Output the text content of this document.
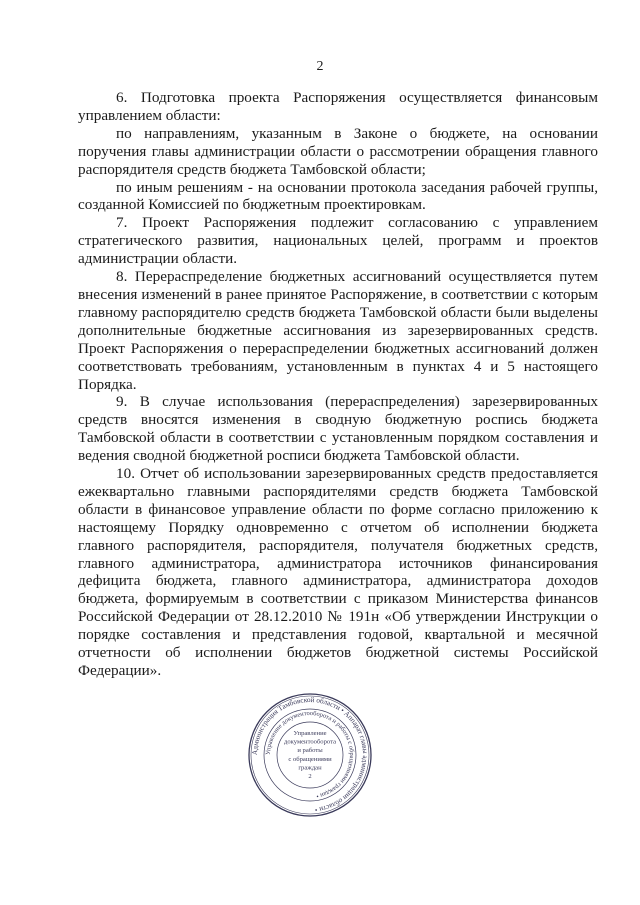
2

6. Подготовка проекта Распоряжения осуществляется финансовым управлением области:

по направлениям, указанным в Законе о бюджете, на основании поручения главы администрации области о рассмотрении обращения главного распорядителя средств бюджета Тамбовской области;

по иным решениям - на основании протокола заседания рабочей группы, созданной Комиссией по бюджетным проектировкам.

7. Проект Распоряжения подлежит согласованию с управлением стратегического развития, национальных целей, программ и проектов администрации области.

8. Перераспределение бюджетных ассигнований осуществляется путем внесения изменений в ранее принятое Распоряжение, в соответствии с которым главному распорядителю средств бюджета Тамбовской области были выделены дополнительные бюджетные ассигнования из зарезервированных средств. Проект Распоряжения о перераспределении бюджетных ассигнований должен соответствовать требованиям, установленным в пунктах 4 и 5 настоящего Порядка.

9. В случае использования (перераспределения) зарезервированных средств вносятся изменения в сводную бюджетную роспись бюджета Тамбовской области в соответствии с установленным порядком составления и ведения сводной бюджетной росписи бюджета Тамбовской области.

10. Отчет об использовании зарезервированных средств предоставляется ежеквартально главными распорядителями средств бюджета Тамбовской области в финансовое управление области по форме согласно приложению к настоящему Порядку одновременно с отчетом об исполнении бюджета главного распорядителя, распорядителя, получателя бюджетных средств, главного администратора, администратора источников финансирования дефицита бюджета, главного администратора, администратора доходов бюджета, формируемым в соответствии с приказом Министерства финансов Российской Федерации от 28.12.2010 № 191н «Об утверждении Инструкции о порядке составления и представления годовой, квартальной и месячной отчетности об исполнении бюджетов бюджетной системы Российской Федерации».

Администрация Тамбовской области • Аппарат главы администрации области •
Управление документооборота и работы с обращениями граждан •
Управление
документооборота
и работы
с обращениями
граждан
2
